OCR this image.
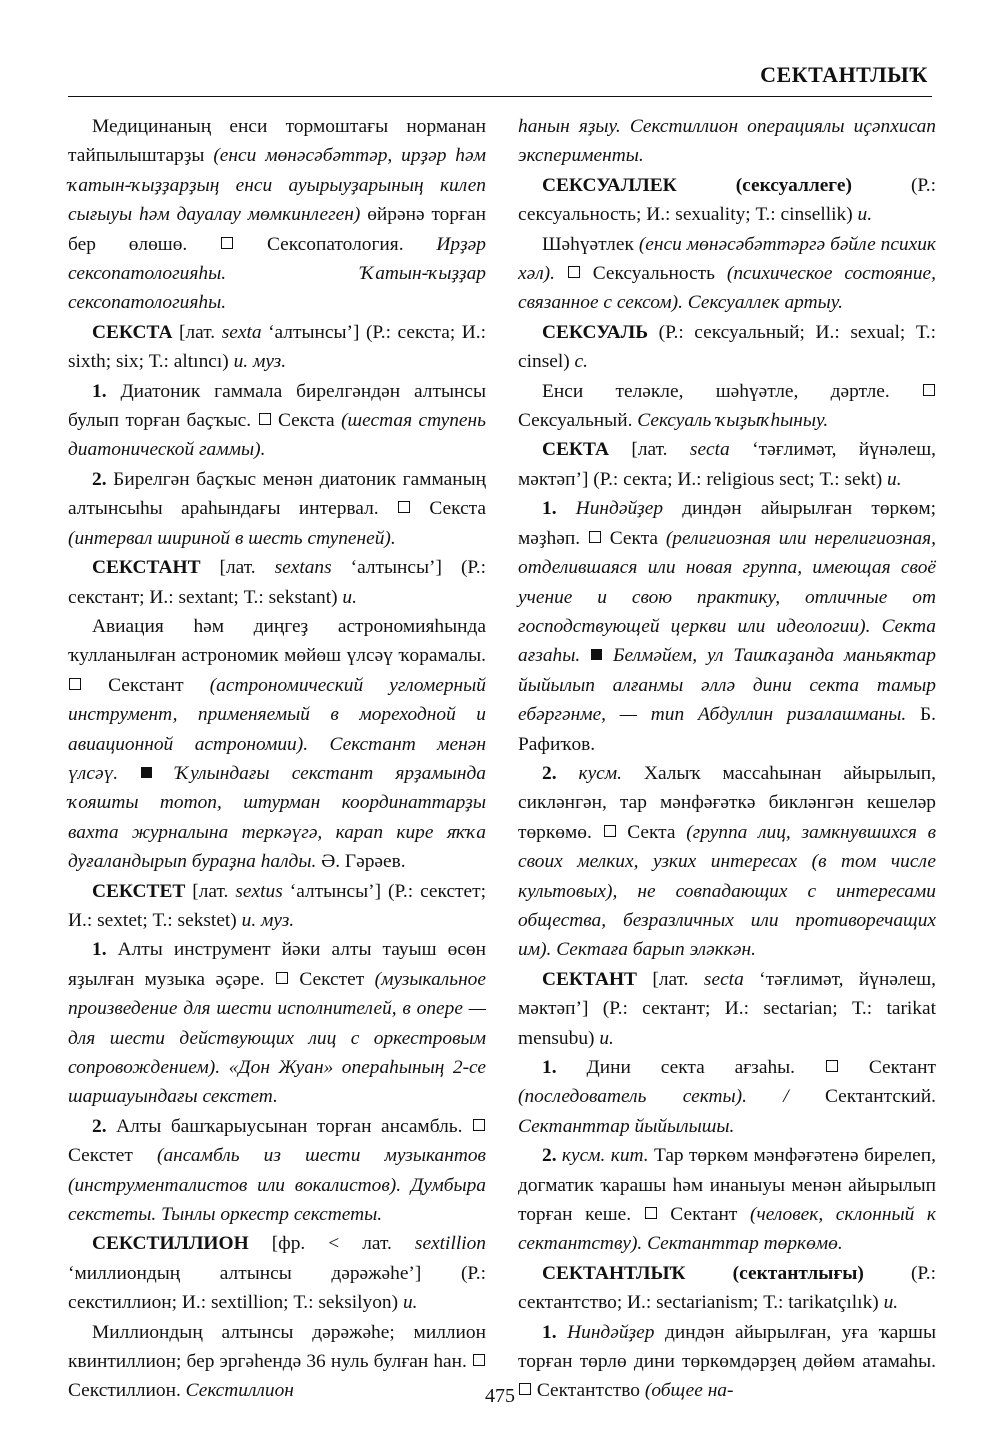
СЕКТАНТЛЫҠ

Медицинаның енси тормоштағы норманан тайпылыштарҙы (енси мөнәсәбәттәр, ирҙәр һәм ҡатын-ҡыҙҙарҙың енси ауырыуҙарының килеп сығыуы һәм дауалау мөмкинлеген) өйрәнә торған бер өлөшө.  Сексопатология. Ирҙәр сексопатологияһы. Ҡатын-ҡыҙҙар сексопатологияһы.

СЕКСТА [лат. sexta ‘алтынсы’] (Р.: секста; И.: sixth; six; Т.: altıncı) и. муз.

1. Диатоник гаммала бирелгәндән алтынсы булып торған баҫҡыс.  Секста (шестая ступень диатонической гаммы).

2. Бирелгән баҫҡыс менән диатоник гамманың алтынсыһы араһындағы интервал.  Секста (интервал шириной в шесть ступеней).

СЕКСТАНТ [лат. sextans ‘алтынсы’] (Р.: секстант; И.: sextant; Т.: sekstant) и.

Авиация һәм диңгеҙ астрономияһында ҡулланылған астрономик мөйөш үлсәү ҡорамалы.  Секстант (астрономический угломерный инструмент, применяемый в мореходной и авиационной астрономии). Секстант менән үлсәү.  Ҡулындағы секстант ярҙамында ҡояшты тотоп, штурман координаттарҙы вахта журналына теркәүгә, карап кире яҡҡа дуғаландырып бураҙна һалды. Ә. Гәрәев.

СЕКСТЕТ [лат. sextus ‘алтынсы’] (Р.: секстет; И.: sextet; Т.: sekstet) и. муз.

1. Алты инструмент йәки алты тауыш өсөн яҙылған музыка әҫәре.  Секстет (музыкальное произведение для шести исполнителей, в опере — для шести действующих лиц с оркестровым сопровождением). «Дон Жуан» операһының 2-се шаршауындағы секстет.

2. Алты башҡарыусынан торған ансамбль.  Секстет (ансамбль из шести музыкантов (инструменталистов или вокалистов). Думбыра секстеты. Тынлы оркестр секстеты.

СЕКСТИЛЛИОН [фр. < лат. sextillion ‘миллиондың алтынсы дәрәжәһе’] (Р.: секстиллион; И.: sextillion; Т.: seksilyon) и.

Миллиондың алтынсы дәрәжәһе; миллион квинтиллион; бер эргәһендә 36 нуль булған һан.  Секстиллион. Секстиллион

һанын яҙыу. Секстиллион операциялы иҫәпхисап эксперименты.

СЕКСУАЛЛЕК (сексуаллеге) (Р.: сексуальность; И.: sexuality; Т.: cinsellik) и.

Шәһүәтлек (енси мөнәсәбәттәргә бәйле психик хәл).  Сексуальность (психическое состояние, связанное с сексом). Сексуаллек артыу.

СЕКСУАЛЬ (Р.: сексуальный; И.: sexual; Т.: cinsel) с.

Енси теләкле, шәһүәтле, дәртле.  Сексуальный. Сексуаль ҡыҙыҡһыныу.

СЕКТА [лат. secta ‘тәғлимәт, йүнәлеш, мәктәп’] (Р.: секта; И.: religious sect; Т.: sekt) и.

1. Ниндәйҙер диндән айырылған төркөм; мәҙһәп.  Секта (религиозная или нерелигиозная, отделившаяся или новая группа, имеющая своё учение и свою практику, отличные от господствующей церкви или идеологии). Секта ағзаһы.  Белмәйем, ул Ташҡаҙанда маньяктар йыйылып алғанмы әллә дини секта тамыр ебәргәнме, — тип Абдуллин ризалашманы. Б. Рафиҡов.

2. кусм. Халыҡ массаһынан айырылып, сикләнгән, тар мәнфәғәткә бикләнгән кешеләр төркөмө.  Секта (группа лиц, замкнувшихся в своих мелких, узких интересах (в том числе культовых), не совпадающих с интересами общества, безразличных или противоречащих им). Сектаға барып эләккән.

СЕКТАНТ [лат. secta ‘тәғлимәт, йүнәлеш, мәктәп’] (Р.: сектант; И.: sectarian; Т.: tarikat mensubu) и.

1. Дини секта ағзаһы.  Сектант (последователь секты). / Сектантский. Сектанттар йыйылышы.

2. кусм. кит. Тар төркөм мәнфәғәтенә бирелеп, догматик ҡарашы һәм инаныуы менән айырылып торған кеше.  Сектант (человек, склонный к сектантству). Сектанттар төркөмө.

СЕКТАНТЛЫҠ (сектантлығы) (Р.: сектантство; И.: sectarianism; Т.: tarikatçılık) и.

1. Ниндәйҙер диндән айырылған, уға ҡаршы торған төрлө дини төркөмдәрҙең дөйөм атамаһы.  Сектантство (общее на-

475
